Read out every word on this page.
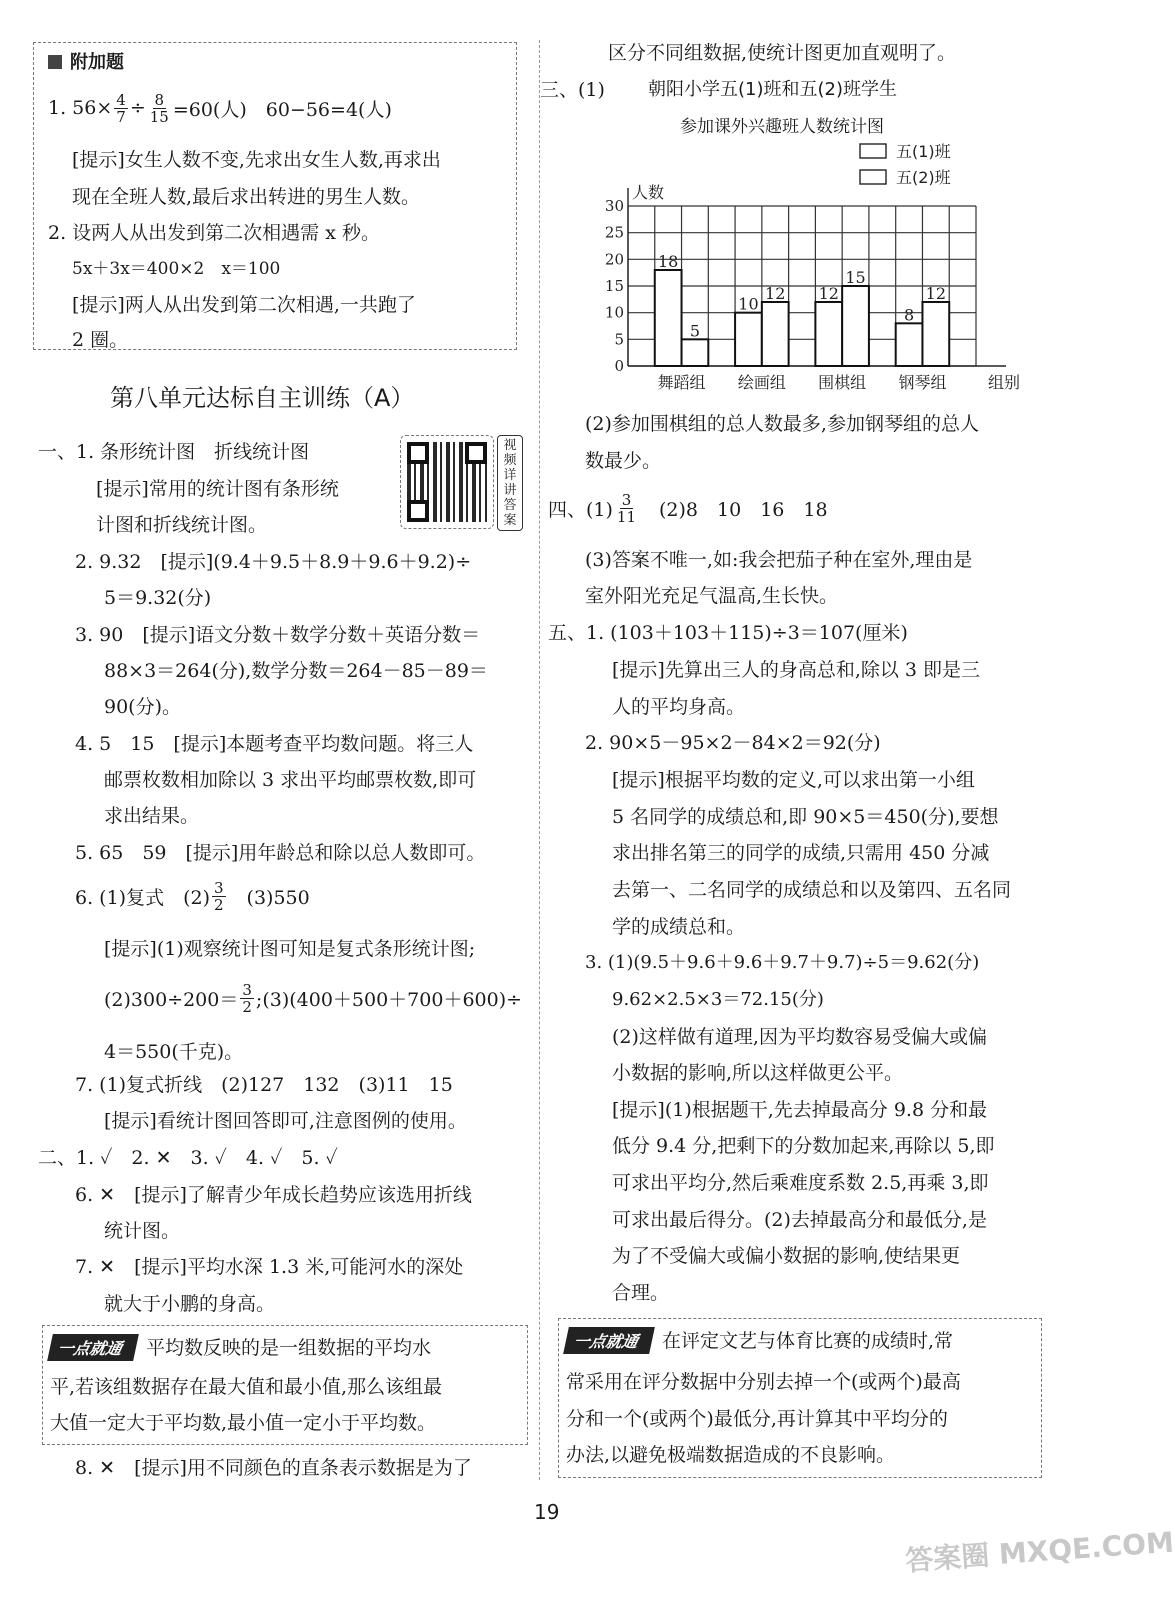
附加题
1. $56\times \frac{4}{7} \div \frac{8}{15} =60$(人)　60−56=4(人)
[提示]女生人数不变,先求出女生人数,再求出
现在全班人数,最后求出转进的男生人数。
2. 设两人从出发到第二次相遇需 x 秒。
5x＋3x＝400×2　x＝100
[提示]两人从出发到第二次相遇,一共跑了
2 圈。
第八单元达标自主训练（A）
视频详讲答案
一、1. 条形统计图　折线统计图
[提示]常用的统计图有条形统
计图和折线统计图。
2. 9.32　[提示](9.4＋9.5＋8.9＋9.6＋9.2)÷
5＝9.32(分)
3. 90　[提示]语文分数＋数学分数＋英语分数＝
88×3＝264(分),数学分数＝264－85－89＝
90(分)。
4. 5　15　[提示]本题考查平均数问题。将三人
邮票枚数相加除以 3 求出平均邮票枚数,即可
求出结果。
5. 65　59　[提示]用年龄总和除以总人数即可。
6. (1)复式　$(2) \frac{3}{2}$ 　(3)550
[提示](1)观察统计图可知是复式条形统计图;
$(2)300\div 200= \frac{3}{2}$ ;(3)(400＋500＋700＋600)÷
4＝550(千克)。
7. (1)复式折线　(2)127　132　(3)11　15
[提示]看统计图回答即可,注意图例的使用。
二、1. ✓　2. ✕　3. ✓　4. ✓　5. ✓
6. ✕　[提示]了解青少年成长趋势应该选用折线
统计图。
7. ✕　[提示]平均水深 1.3 米,可能河水的深处
就大于小鹏的身高。
一点就通 平均数反映的是一组数据的平均水
平,若该组数据存在最大值和最小值,那么该组最
大值一定大于平均数,最小值一定小于平均数。
8. ✕　[提示]用不同颜色的直条表示数据是为了
区分不同组数据,使统计图更加直观明了。
三、(1) 朝阳小学五(1)班和五(2)班学生
参加课外兴趣班人数统计图
0
5
10
15
20
25
30
人数
组别
18
5
舞蹈组
10
12
绘画组
12
15
围棋组
8
12
钢琴组
五(1)班
五(2)班
(2)参加围棋组的总人数最多,参加钢琴组的总人
数最少。
四、$(1) \frac{3}{11}$ 　(2)8　10　16　18
(3)答案不唯一,如:我会把茄子种在室外,理由是
室外阳光充足气温高,生长快。
五、1. (103＋103＋115)÷3＝107(厘米)
[提示]先算出三人的身高总和,除以 3 即是三
人的平均身高。
2. 90×5－95×2－84×2＝92(分)
[提示]根据平均数的定义,可以求出第一小组
5 名同学的成绩总和,即 90×5＝450(分),要想
求出排名第三的同学的成绩,只需用 450 分减
去第一、二名同学的成绩总和以及第四、五名同
学的成绩总和。
3. (1)(9.5＋9.6＋9.6＋9.7＋9.7)÷5＝9.62(分)
9.62×2.5×3＝72.15(分)
(2)这样做有道理,因为平均数容易受偏大或偏
小数据的影响,所以这样做更公平。
[提示](1)根据题干,先去掉最高分 9.8 分和最
低分 9.4 分,把剩下的分数加起来,再除以 5,即
可求出平均分,然后乘难度系数 2.5,再乘 3,即
可求出最后得分。(2)去掉最高分和最低分,是
为了不受偏大或偏小数据的影响,使结果更
合理。
一点就通 在评定文艺与体育比赛的成绩时,常
常采用在评分数据中分别去掉一个(或两个)最高
分和一个(或两个)最低分,再计算其中平均分的
办法,以避免极端数据造成的不良影响。
19
答案圈 MXQE.COM
